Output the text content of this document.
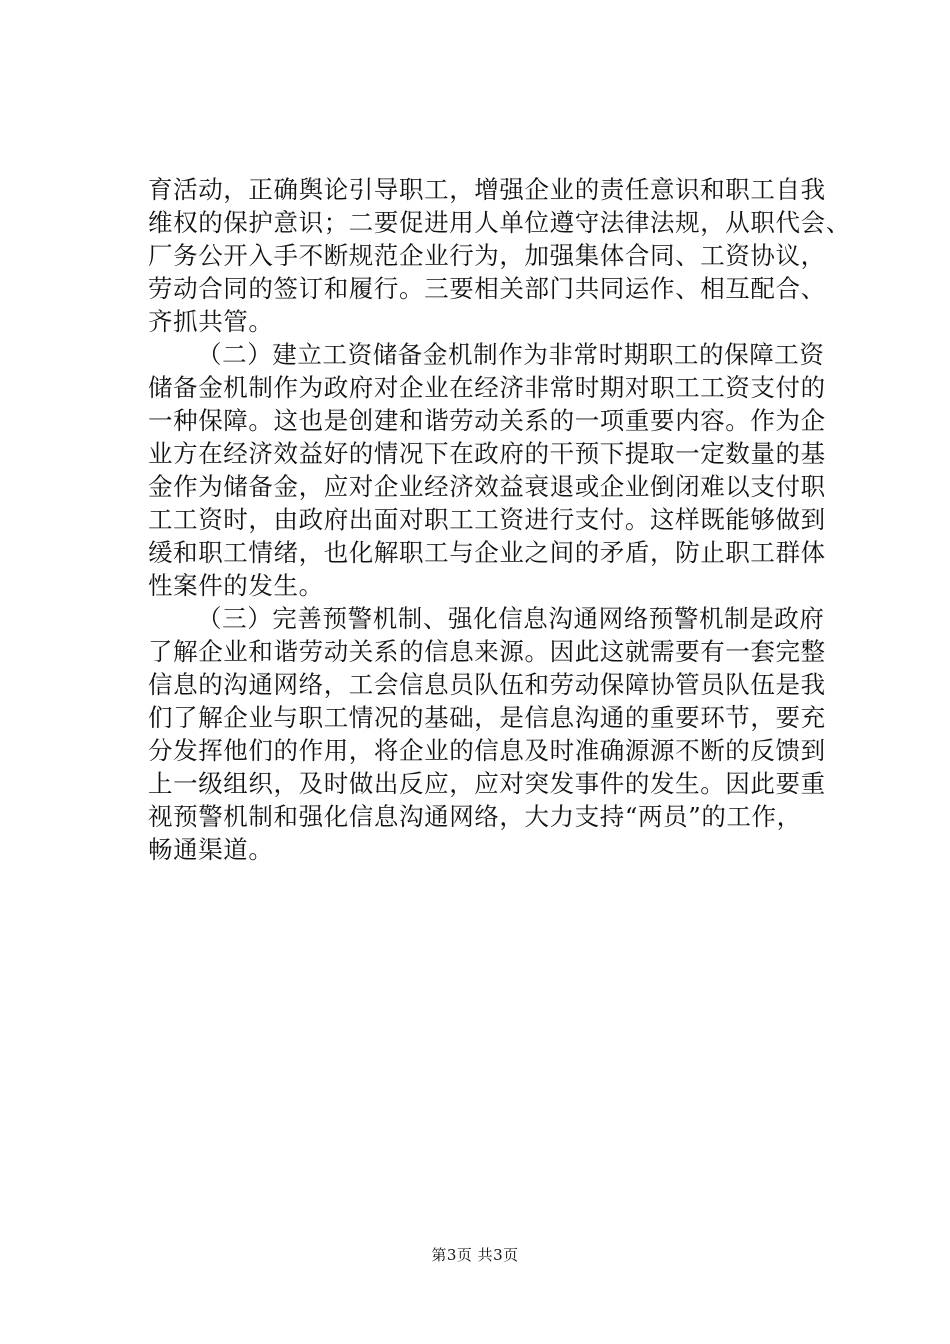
育活动，正确舆论引导职工，增强企业的责任意识和职工自我
维权的保护意识；二要促进用人单位遵守法律法规，从职代会、
厂务公开入手不断规范企业行为，加强集体合同、工资协议，
劳动合同的签订和履行。三要相关部门共同运作、相互配合、
齐抓共管。
（二）建立工资储备金机制作为非常时期职工的保障工资
储备金机制作为政府对企业在经济非常时期对职工工资支付的
一种保障。这也是创建和谐劳动关系的一项重要内容。作为企
业方在经济效益好的情况下在政府的干预下提取一定数量的基
金作为储备金，应对企业经济效益衰退或企业倒闭难以支付职
工工资时，由政府出面对职工工资进行支付。这样既能够做到
缓和职工情绪，也化解职工与企业之间的矛盾，防止职工群体
性案件的发生。
（三）完善预警机制、强化信息沟通网络预警机制是政府
了解企业和谐劳动关系的信息来源。因此这就需要有一套完整
信息的沟通网络，工会信息员队伍和劳动保障协管员队伍是我
们了解企业与职工情况的基础，是信息沟通的重要环节，要充
分发挥他们的作用，将企业的信息及时准确源源不断的反馈到
上一级组织，及时做出反应，应对突发事件的发生。因此要重
视预警机制和强化信息沟通网络，大力支持“两员”的工作，
畅通渠道。
第3页 共3页
